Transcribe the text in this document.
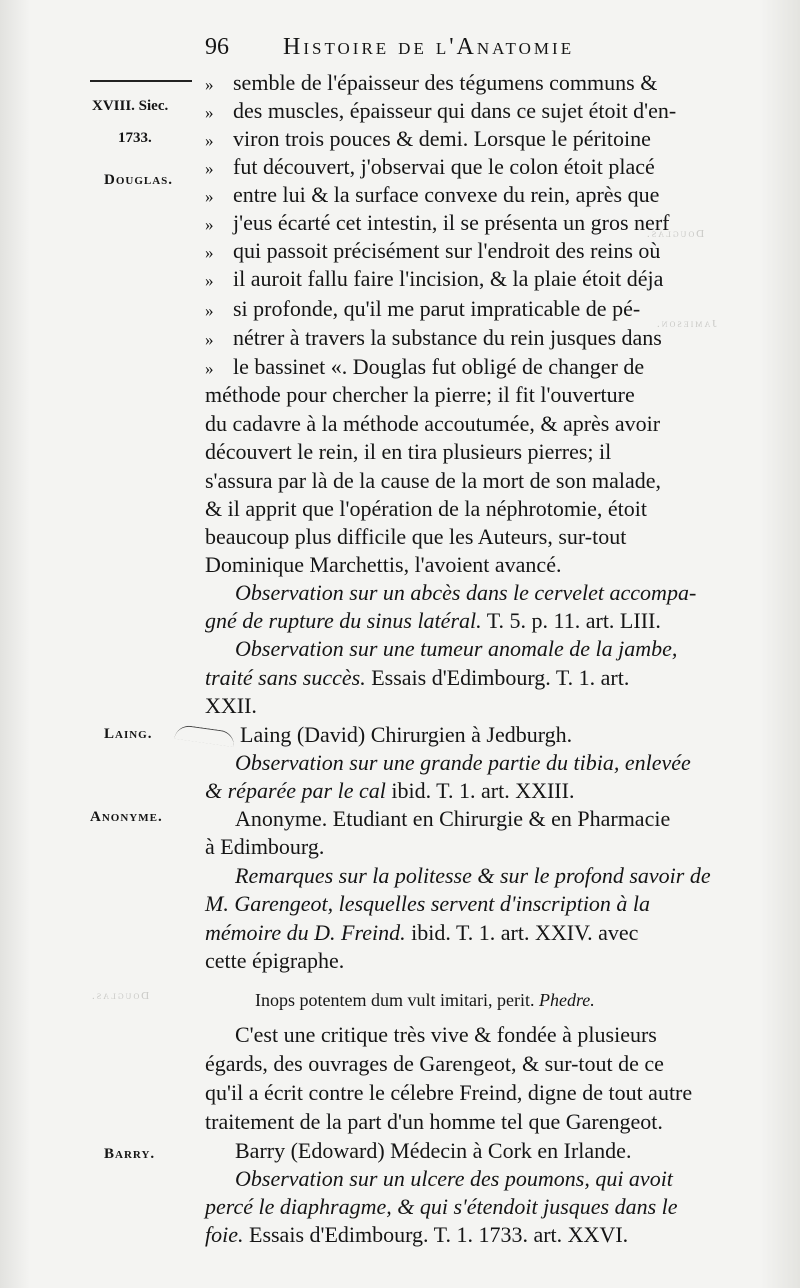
Douglas.
Jamieson.
Douglas.
96 Histoire de l'Anatomie
XVIII. Siec.
1733.
Douglas.
Laing.
Anonyme.
Barry.
» semble de l'épaisseur des tégumens communs &
» des muscles, épaisseur qui dans ce sujet étoit d'en-
» viron trois pouces & demi. Lorsque le péritoine
» fut découvert, j'observai que le colon étoit placé
» entre lui & la surface convexe du rein, après que
» j'eus écarté cet intestin, il se présenta un gros nerf
» qui passoit précisément sur l'endroit des reins où
» il auroit fallu faire l'incision, & la plaie étoit déja
» si profonde, qu'il me parut impraticable de pé-
» nétrer à travers la substance du rein jusques dans
» le bassinet «. Douglas fut obligé de changer de
méthode pour chercher la pierre; il fit l'ouverture
du cadavre à la méthode accoutumée, & après avoir
découvert le rein, il en tira plusieurs pierres; il
s'assura par là de la cause de la mort de son malade,
& il apprit que l'opération de la néphrotomie, étoit
beaucoup plus difficile que les Auteurs, sur-tout
Dominique Marchettis, l'avoient avancé.
Observation sur un abcès dans le cervelet accompa-
gné de rupture du sinus latéral. T. 5. p. 11. art. LIII.
Observation sur une tumeur anomale de la jambe,
traité sans succès. Essais d'Edimbourg. T. 1. art.
XXII.
Laing (David) Chirurgien à Jedburgh.
Observation sur une grande partie du tibia, enlevée
& réparée par le cal ibid. T. 1. art. XXIII.
Anonyme. Etudiant en Chirurgie & en Pharmacie
à Edimbourg.
Remarques sur la politesse & sur le profond savoir de
M. Garengeot, lesquelles servent d'inscription à la
mémoire du D. Freind. ibid. T. 1. art. XXIV. avec
cette épigraphe.
Inops potentem dum vult imitari, perit. Phedre.
C'est une critique très vive & fondée à plusieurs
égards, des ouvrages de Garengeot, & sur-tout de ce
qu'il a écrit contre le célebre Freind, digne de tout autre
traitement de la part d'un homme tel que Garengeot.
Barry (Edoward) Médecin à Cork en Irlande.
Observation sur un ulcere des poumons, qui avoit
percé le diaphragme, & qui s'étendoit jusques dans le
foie. Essais d'Edimbourg. T. 1. 1733. art. XXVI.
